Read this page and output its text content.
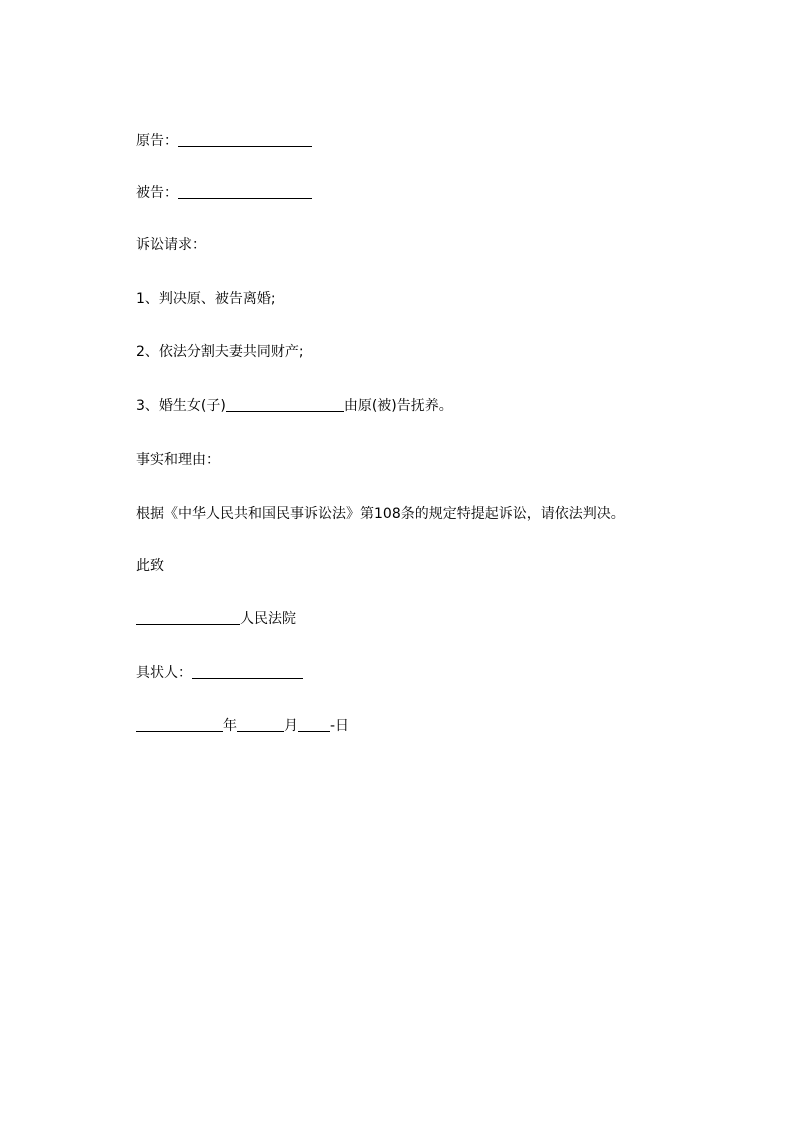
原告：
被告：
诉讼请求：
1、判决原、被告离婚;
2、依法分割夫妻共同财产;
3、婚生女(子)	由原(被)告抚养。
事实和理由：
根据《中华人民共和国民事诉讼法》第108条的规定特提起诉讼，请依法判决。
此致
人民法院
具状人：
年	月 -日
